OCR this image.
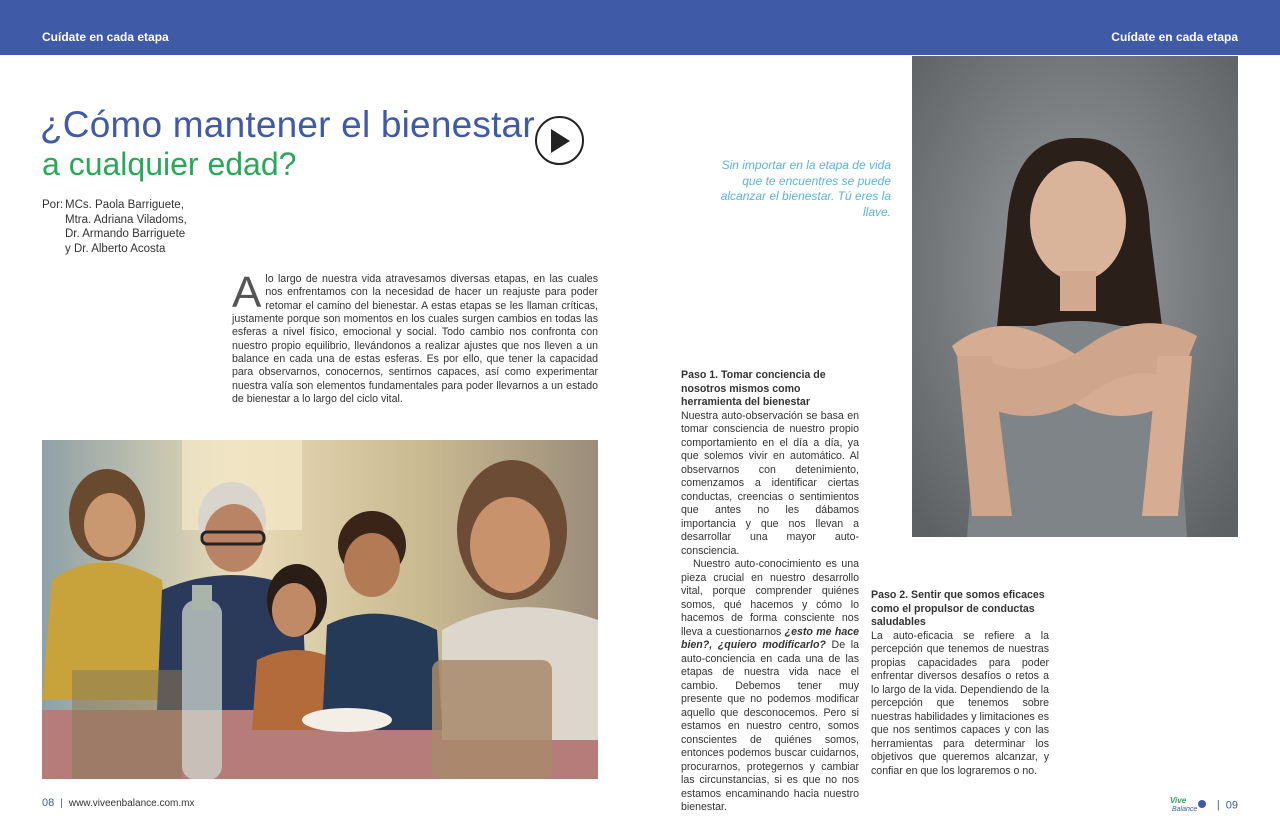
Cuídate en cada etapa	Cuídate en cada etapa
¿Cómo mantener el bienestar
a cualquier edad?
Por: MCs. Paola Barriguete,
Mtra. Adriana Viladoms,
Dr. Armando Barriguete
y Dr. Alberto Acosta
A lo largo de nuestra vida atravesamos diversas etapas, en las cuales nos enfrentamos con la necesidad de hacer un reajuste para poder retomar el camino del bienestar. A estas etapas se les llaman críticas, justamente porque son momentos en los cuales surgen cambios en todas las esferas a nivel físico, emocional y social. Todo cambio nos confronta con nuestro propio equilibrio, llevándonos a realizar ajustes que nos lleven a un balance en cada una de estas esferas. Es por ello, que tener la capacidad para observarnos, conocernos, sentirnos capaces, así como experimentar nuestra valía son elementos fundamentales para poder llevarnos a un estado de bienestar a lo largo del ciclo vital.

Sin importar en la etapa de vida que te encuentres se puede alcanzar el bienestar. Tú eres la llave.

Paso 1. Tomar conciencia de nosotros mismos como herramienta del bienestar

Nuestra auto-observación se basa en tomar consciencia de nuestro propio comportamiento en el día a día, ya que solemos vivir en automático. Al observarnos con detenimiento, comenzamos a identificar ciertas conductas, creencias o sentimientos que antes no les dábamos importancia y que nos llevan a desarrollar una mayor auto-consciencia.

Nuestro auto-conocimiento es una pieza crucial en nuestro desarrollo vital, porque comprender quiénes somos, qué hacemos y cómo lo hacemos de forma consciente nos lleva a cuestionarnos ¿esto me hace bien?, ¿quiero modificarlo? De la auto-conciencia en cada una de las etapas de nuestra vida nace el cambio. Debemos tener muy presente que no podemos modificar aquello que desconocemos. Pero si estamos en nuestro centro, somos conscientes de quiénes somos, entonces podemos buscar cuidarnos, procurarnos, protegernos y cambiar las circunstancias, si es que no nos estamos encaminando hacia nuestro bienestar.

Paso 2. Sentir que somos eficaces como el propulsor de conductas saludables

La auto-eficacia se refiere a la percepción que tenemos de nuestras propias capacidades para poder enfrentar diversos desafíos o retos a lo largo de la vida. Dependiendo de la percepción que tenemos sobre nuestras habilidades y limitaciones es que nos sentimos capaces y con las herramientas para determinar los objetivos que queremos alcanzar, y confiar en que los lograremos o no.

08 | www.viveenbalance.com.mx	Vive
Balance | 09
